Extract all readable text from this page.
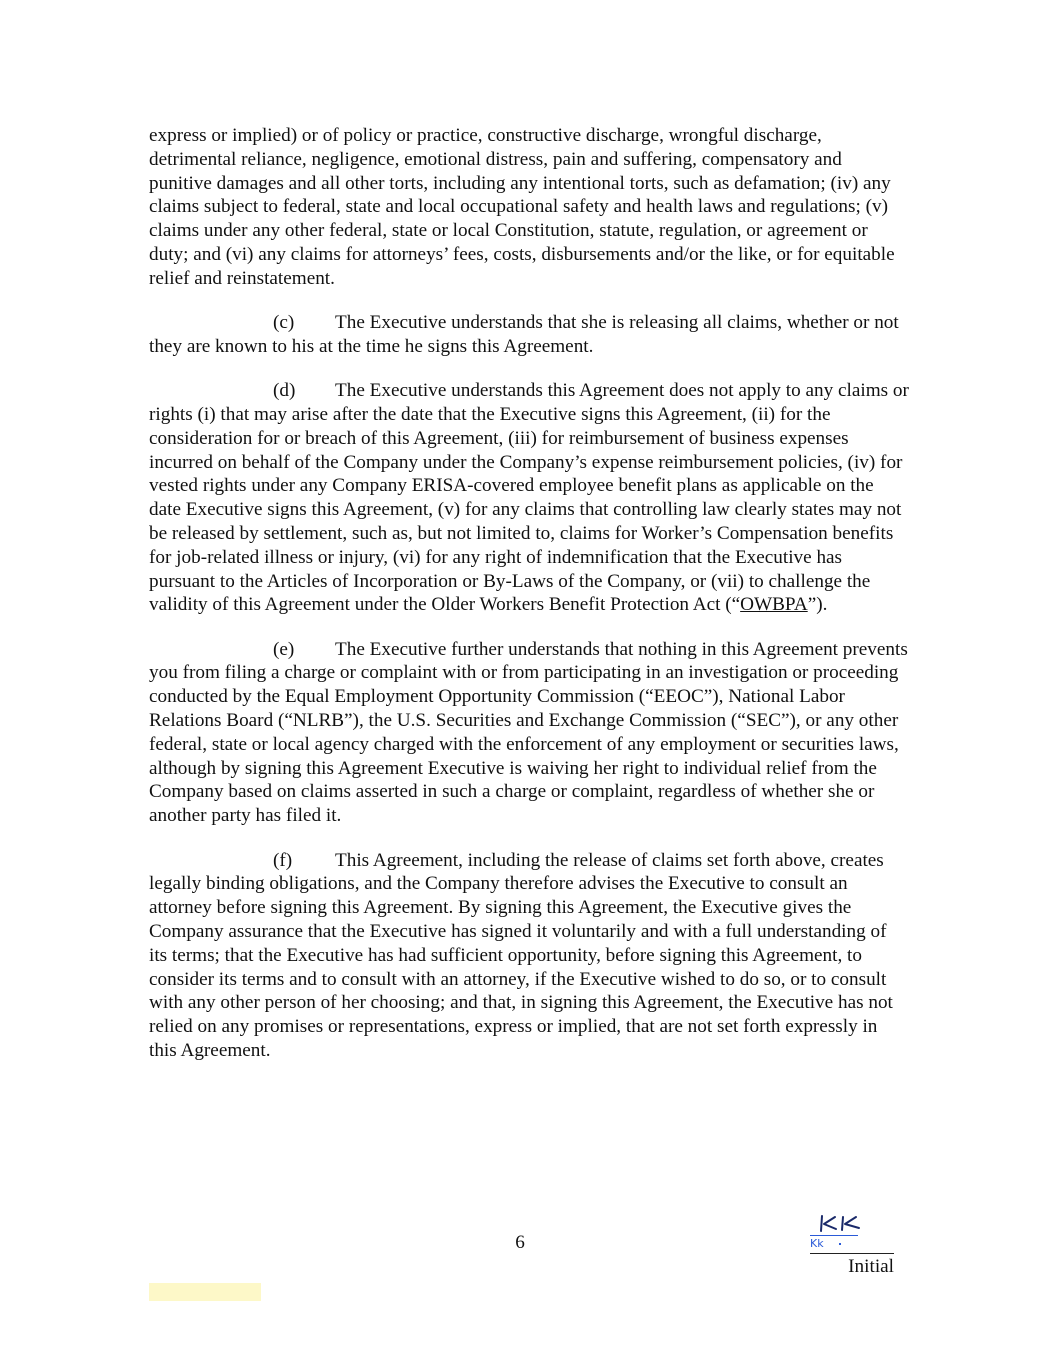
express or implied) or of policy or practice, constructive discharge, wrongful discharge, detrimental reliance, negligence, emotional distress, pain and suffering, compensatory and punitive damages and all other torts, including any intentional torts, such as defamation; (iv) any claims subject to federal, state and local occupational safety and health laws and regulations; (v) claims under any other federal, state or local Constitution, statute, regulation, or agreement or duty; and (vi) any claims for attorneys’ fees, costs, disbursements and/or the like, or for equitable relief and reinstatement.

(c) The Executive understands that she is releasing all claims, whether or not they are known to his at the time he signs this Agreement.

(d) The Executive understands this Agreement does not apply to any claims or rights (i) that may arise after the date that the Executive signs this Agreement, (ii) for the consideration for or breach of this Agreement, (iii) for reimbursement of business expenses incurred on behalf of the Company under the Company’s expense reimbursement policies, (iv) for vested rights under any Company ERISA-covered employee benefit plans as applicable on the date Executive signs this Agreement, (v) for any claims that controlling law clearly states may not be released by settlement, such as, but not limited to, claims for Worker’s Compensation benefits for job-related illness or injury, (vi) for any right of indemnification that the Executive has pursuant to the Articles of Incorporation or By-Laws of the Company, or (vii) to challenge the validity of this Agreement under the Older Workers Benefit Protection Act (“OWBPA”).

(e) The Executive further understands that nothing in this Agreement prevents you from filing a charge or complaint with or from participating in an investigation or proceeding conducted by the Equal Employment Opportunity Commission (“EEOC”), National Labor Relations Board (“NLRB”), the U.S. Securities and Exchange Commission (“SEC”), or any other federal, state or local agency charged with the enforcement of any employment or securities laws, although by signing this Agreement Executive is waiving her right to individual relief from the Company based on claims asserted in such a charge or complaint, regardless of whether she or another party has filed it.

(f) This Agreement, including the release of claims set forth above, creates legally binding obligations, and the Company therefore advises the Executive to consult an attorney before signing this Agreement. By signing this Agreement, the Executive gives the Company assurance that the Executive has signed it voluntarily and with a full understanding of its terms; that the Executive has had sufficient opportunity, before signing this Agreement, to consider its terms and to consult with an attorney, if the Executive wished to do so, or to consult with any other person of her choosing; and that, in signing this Agreement, the Executive has not relied on any promises or representations, express or implied, that are not set forth expressly in this Agreement.

6	Kk
Initial
